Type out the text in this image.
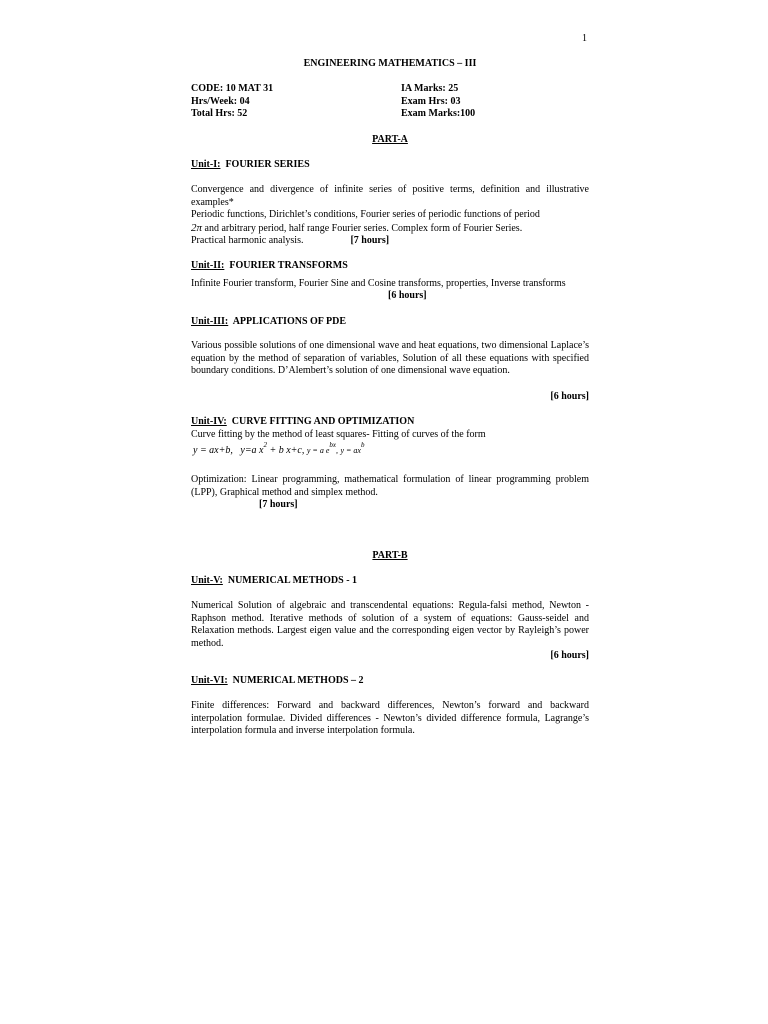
1
ENGINEERING MATHEMATICS – III
CODE: 10 MAT 31
Hrs/Week: 04
Total Hrs: 52
IA Marks: 25
Exam Hrs: 03
Exam Marks:100
PART-A
Unit-I: FOURIER SERIES
Convergence and divergence of infinite series of positive terms, definition and illustrative examples*
Periodic functions, Dirichlet’s conditions, Fourier series of periodic functions of period
2π and arbitrary period, half range Fourier series. Complex form of Fourier Series.
Practical harmonic analysis.	[7 hours]
Unit-II: FOURIER TRANSFORMS
Infinite Fourier transform, Fourier Sine and Cosine transforms, properties, Inverse transforms
[6 hours]
Unit-III: APPLICATIONS OF PDE
Various possible solutions of one dimensional wave and heat equations, two dimensional Laplace’s equation by the method of separation of variables, Solution of all these equations with specified boundary conditions. D’Alembert’s solution of one dimensional wave equation.
[6 hours]
Unit-IV: CURVE FITTING AND OPTIMIZATION
Curve fitting by the method of least squares- Fitting of curves of the form
y = ax+b, y=a $x^2 + b$ x+c, y = a $e^{bx}$, $y = ax^b$
Optimization: Linear programming, mathematical formulation of linear programming problem (LPP), Graphical method and simplex method.
[7 hours]
PART-B
Unit-V: NUMERICAL METHODS - 1
Numerical Solution of algebraic and transcendental equations: Regula-falsi method, Newton - Raphson method. Iterative methods of solution of a system of equations: Gauss-seidel and Relaxation methods. Largest eigen value and the corresponding eigen vector by Rayleigh’s power method.
[6 hours]
Unit-VI: NUMERICAL METHODS – 2
Finite differences: Forward and backward differences, Newton’s forward and backward interpolation formulae. Divided differences - Newton’s divided difference formula, Lagrange’s interpolation formula and inverse interpolation formula.
